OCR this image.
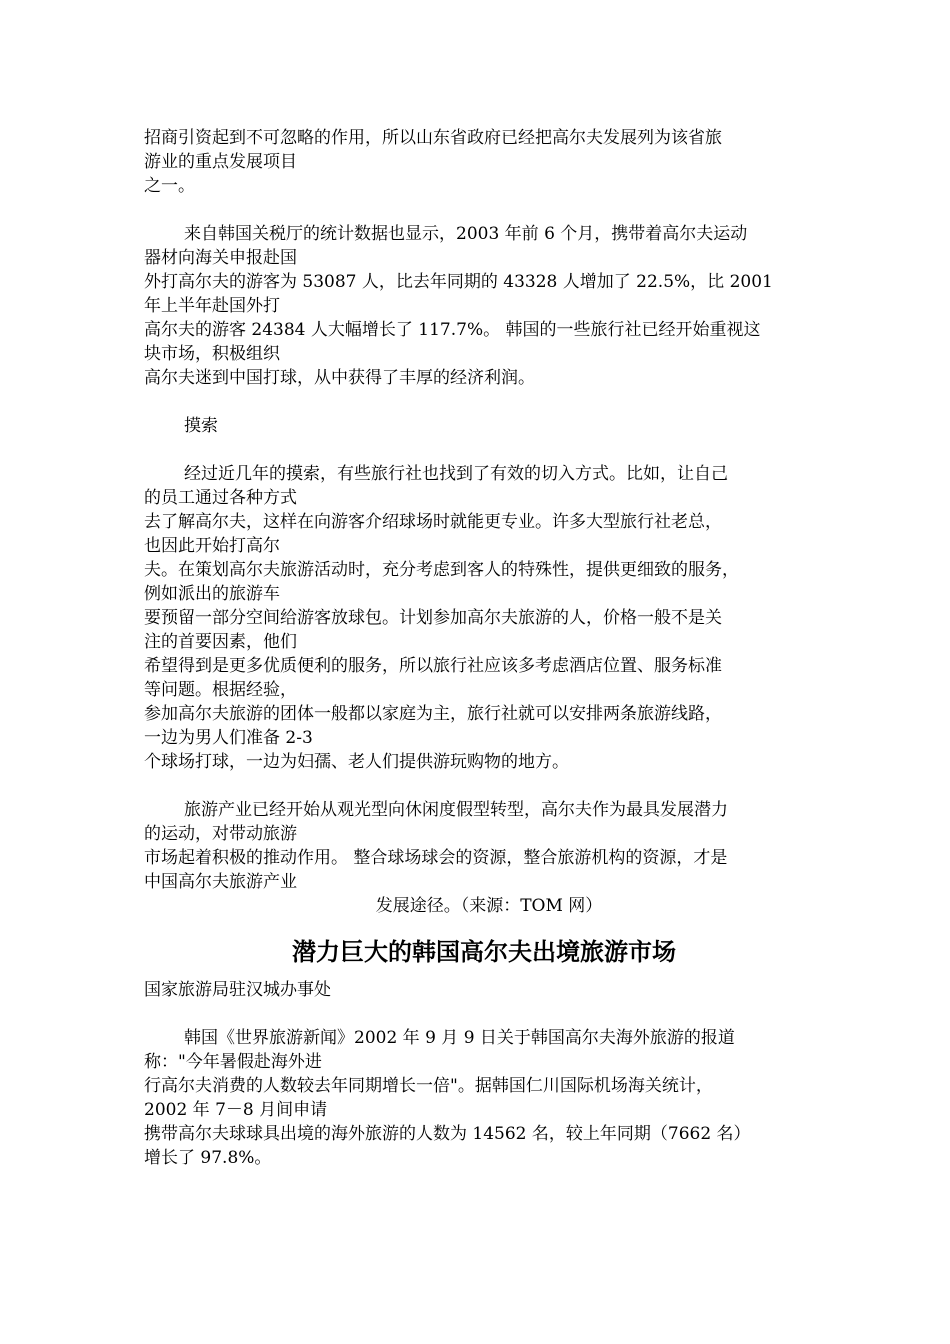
招商引资起到不可忽略的作用，所以山东省政府已经把高尔夫发展列为该省旅

游业的重点发展项目

之一。

来自韩国关税厅的统计数据也显示，2003 年前 6 个月，携带着高尔夫运动

器材向海关申报赴国

外打高尔夫的游客为 53087 人，比去年同期的 43328 人增加了 22.5%，比 2001

年上半年赴国外打

高尔夫的游客 24384 人大幅增长了 117.7%。 韩国的一些旅行社已经开始重视这

块市场，积极组织

高尔夫迷到中国打球，从中获得了丰厚的经济利润。

摸索

经过近几年的摸索，有些旅行社也找到了有效的切入方式。比如，让自己

的员工通过各种方式

去了解高尔夫，这样在向游客介绍球场时就能更专业。许多大型旅行社老总，

也因此开始打高尔

夫。在策划高尔夫旅游活动时，充分考虑到客人的特殊性，提供更细致的服务，

例如派出的旅游车

要预留一部分空间给游客放球包。计划参加高尔夫旅游的人，价格一般不是关

注的首要因素，他们

希望得到是更多优质便利的服务，所以旅行社应该多考虑酒店位置、服务标准

等问题。根据经验，

参加高尔夫旅游的团体一般都以家庭为主，旅行社就可以安排两条旅游线路，

一边为男人们准备 2-3

个球场打球，一边为妇孺、老人们提供游玩购物的地方。

旅游产业已经开始从观光型向休闲度假型转型，高尔夫作为最具发展潜力

的运动，对带动旅游

市场起着积极的推动作用。 整合球场球会的资源，整合旅游机构的资源，才是

中国高尔夫旅游产业

发展途径。（来源：TOM 网）

潜力巨大的韩国高尔夫出境旅游市场

国家旅游局驻汉城办事处

韩国《世界旅游新闻》2002 年 9 月 9 日关于韩国高尔夫海外旅游的报道

称："今年暑假赴海外进

行高尔夫消费的人数较去年同期增长一倍"。据韩国仁川国际机场海关统计，

2002 年 7－8 月间申请

携带高尔夫球球具出境的海外旅游的人数为 14562 名，较上年同期（7662 名）

增长了 97.8%。
